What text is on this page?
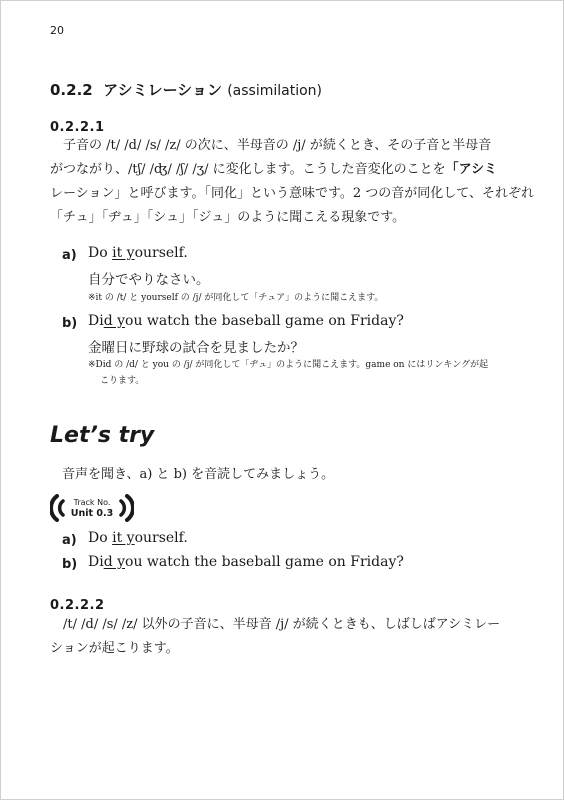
20
0.2.2 アシミレーション (assimilation)
0.2.2.1
子音の /t/ /d/ /s/ /z/ の次に、半母音の /j/ が続くとき、その子音と半母音
がつながり、/tʃ/ /ʤ/ /ʃ/ /ʒ/ に変化します。こうした音変化のことを「アシミ
レーション」と呼びます。「同化」という意味です。2 つの音が同化して、それぞれ
「チュ」「ヂュ」「シュ」「ジュ」のように聞こえる現象です。
a) Do it yourself.
自分でやりなさい。
※it の /t/ と yourself の /j/ が同化して「チュア」のように聞こえます。
b) Did you watch the baseball game on Friday?
金曜日に野球の試合を見ましたか？
※Did の /d/ と you の /j/ が同化して「ヂュ」のように聞こえます。game on にはリンキングが起
こります。
Let’s try
音声を聞き、a) と b) を音読してみましょう。
Track No.
Unit 0.3
a) Do it yourself.
b) Did you watch the baseball game on Friday?
0.2.2.2
/t/ /d/ /s/ /z/ 以外の子音に、半母音 /j/ が続くときも、しばしばアシミレー
ションが起こります。
